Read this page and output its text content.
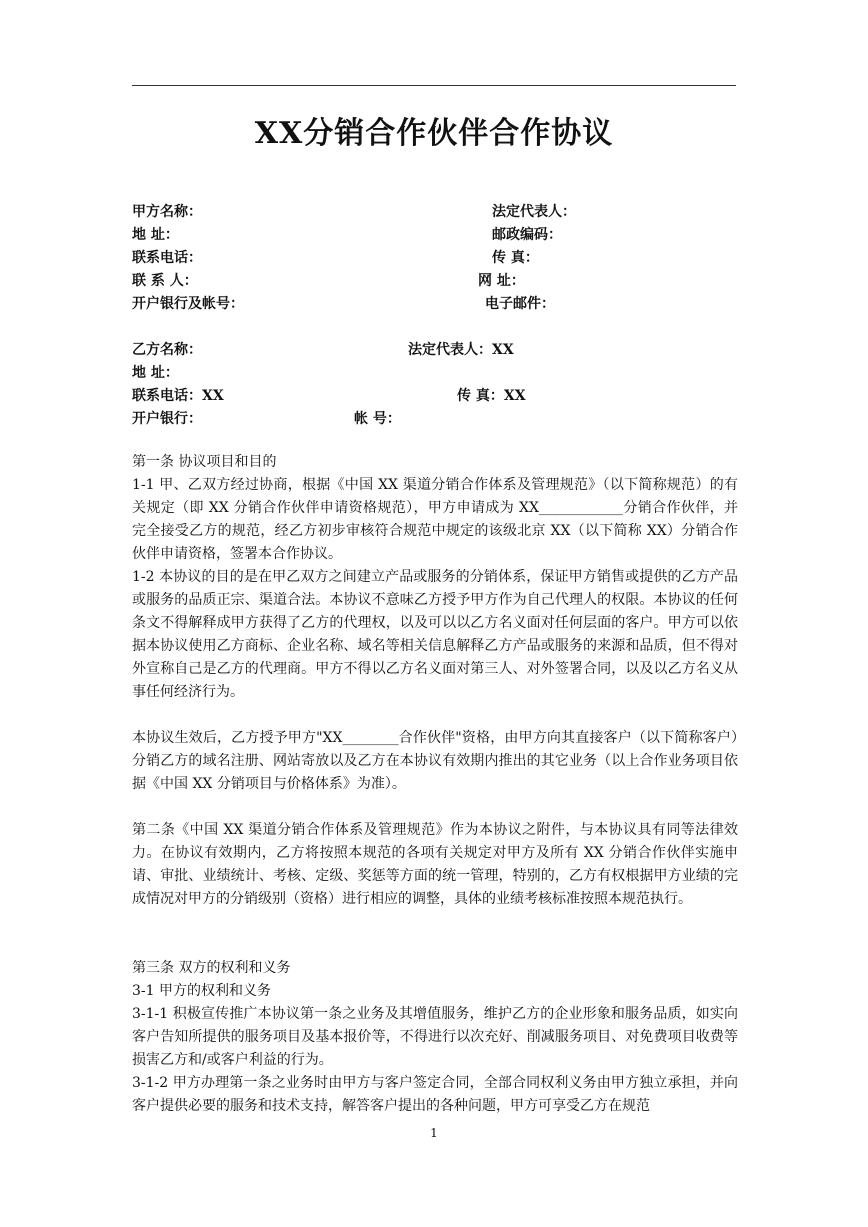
XX分销合作伙伴合作协议
甲方名称：	法定代表人：
地 址：	邮政编码：
联系电话：	传 真：
联 系 人：	网 址：
开户银行及帐号：	电子邮件：
乙方名称：	法定代表人：XX
地 址：
联系电话：XX	传 真：XX
开户银行：	帐 号：
第一条 协议项目和目的
1-1 甲、乙双方经过协商，根据《中国 XX 渠道分销合作体系及管理规范》（以下简称规范）的有关规定（即 XX 分销合作伙伴申请资格规范），甲方申请成为 XX____________分销合作伙伴，并完全接受乙方的规范，经乙方初步审核符合规范中规定的该级北京 XX（以下简称 XX）分销合作伙伴申请资格，签署本合作协议。
1-2 本协议的目的是在甲乙双方之间建立产品或服务的分销体系，保证甲方销售或提供的乙方产品或服务的品质正宗、渠道合法。本协议不意味乙方授予甲方作为自己代理人的权限。本协议的任何条文不得解释成甲方获得了乙方的代理权，以及可以以乙方名义面对任何层面的客户。甲方可以依据本协议使用乙方商标、企业名称、域名等相关信息解释乙方产品或服务的来源和品质，但不得对外宣称自己是乙方的代理商。甲方不得以乙方名义面对第三人、对外签署合同，以及以乙方名义从事任何经济行为。
本协议生效后，乙方授予甲方"XX________合作伙伴"资格，由甲方向其直接客户（以下简称客户）分销乙方的域名注册、网站寄放以及乙方在本协议有效期内推出的其它业务（以上合作业务项目依据《中国 XX 分销项目与价格体系》为准）。
第二条《中国 XX 渠道分销合作体系及管理规范》作为本协议之附件，与本协议具有同等法律效力。在协议有效期内，乙方将按照本规范的各项有关规定对甲方及所有 XX 分销合作伙伴实施申请、审批、业绩统计、考核、定级、奖惩等方面的统一管理，特别的，乙方有权根据甲方业绩的完成情况对甲方的分销级别（资格）进行相应的调整，具体的业绩考核标准按照本规范执行。
第三条 双方的权利和义务
3-1 甲方的权利和义务
3-1-1 积极宣传推广本协议第一条之业务及其增值服务，维护乙方的企业形象和服务品质，如实向客户告知所提供的服务项目及基本报价等，不得进行以次充好、削减服务项目、对免费项目收费等损害乙方和/或客户利益的行为。
3-1-2 甲方办理第一条之业务时由甲方与客户签定合同，全部合同权利义务由甲方独立承担，并向客户提供必要的服务和技术支持，解答客户提出的各种问题，甲方可享受乙方在规范
1
